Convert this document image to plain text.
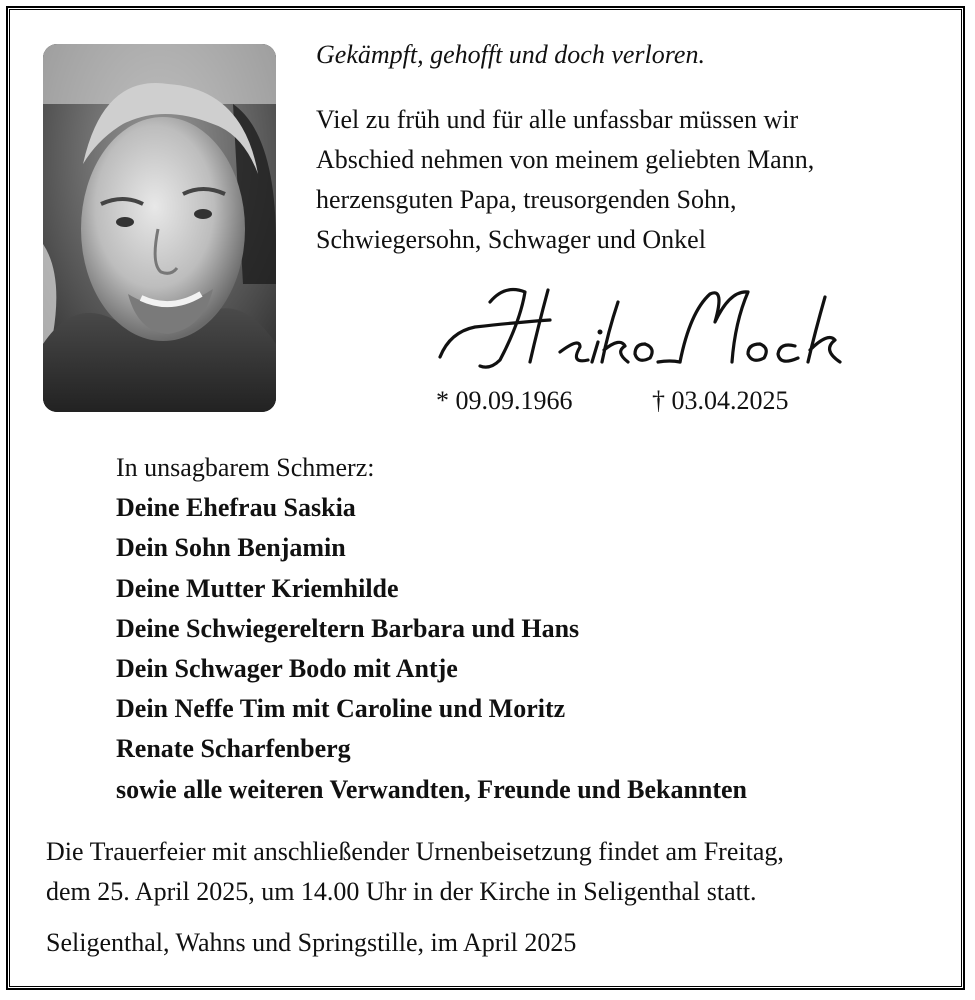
Gekämpft, gehofft und doch verloren.
Viel zu früh und für alle unfassbar müssen wir
Abschied nehmen von meinem geliebten Mann,
herzensguten Papa, treusorgenden Sohn,
Schwiegersohn, Schwager und Onkel
* 09.09.1966	† 03.04.2025
In unsagbarem Schmerz:
Deine Ehefrau Saskia
Dein Sohn Benjamin
Deine Mutter Kriemhilde
Deine Schwiegereltern Barbara und Hans
Dein Schwager Bodo mit Antje
Dein Neffe Tim mit Caroline und Moritz
Renate Scharfenberg
sowie alle weiteren Verwandten, Freunde und Bekannten
Die Trauerfeier mit anschließender Urnenbeisetzung findet am Freitag,
dem 25. April 2025, um 14.00 Uhr in der Kirche in Seligenthal statt.
Seligenthal, Wahns und Springstille, im April 2025
